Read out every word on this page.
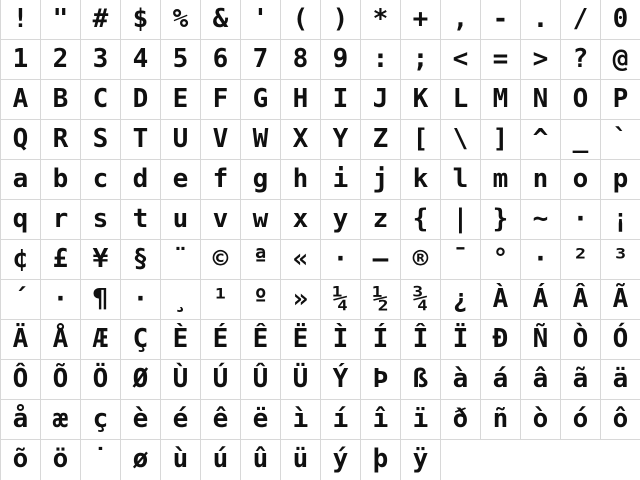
! " # $ % & ' ( ) * + , - . / 0
1 2 3 4 5 6 7 8 9 : ; < = > ? @
A B C D E F G H I J K L M N O P
Q R S T U V W X Y Z [ \ ] ^ _ `
a b c d e f g h i j k l m n o p
q r s t u v w x y z { | } ~ · ¡
¢ £ ¥ § ¨ © ª « · – ® ¯ ° · ² ³
´ · ¶ · ¸ ¹ º » ¼ ½ ¾ ¿ À Á Â Ã
Ä Å Æ Ç È É Ê Ë Ì Í Î Ï Ð Ñ Ò Ó
Ô Õ Ö Ø Ù Ú Û Ü Ý Þ ß à á â ã ä
å æ ç è é ê ë ì í î ï ð ñ ò ó ô
õ ö ˙ ø ù ú û ü ý þ ÿ
